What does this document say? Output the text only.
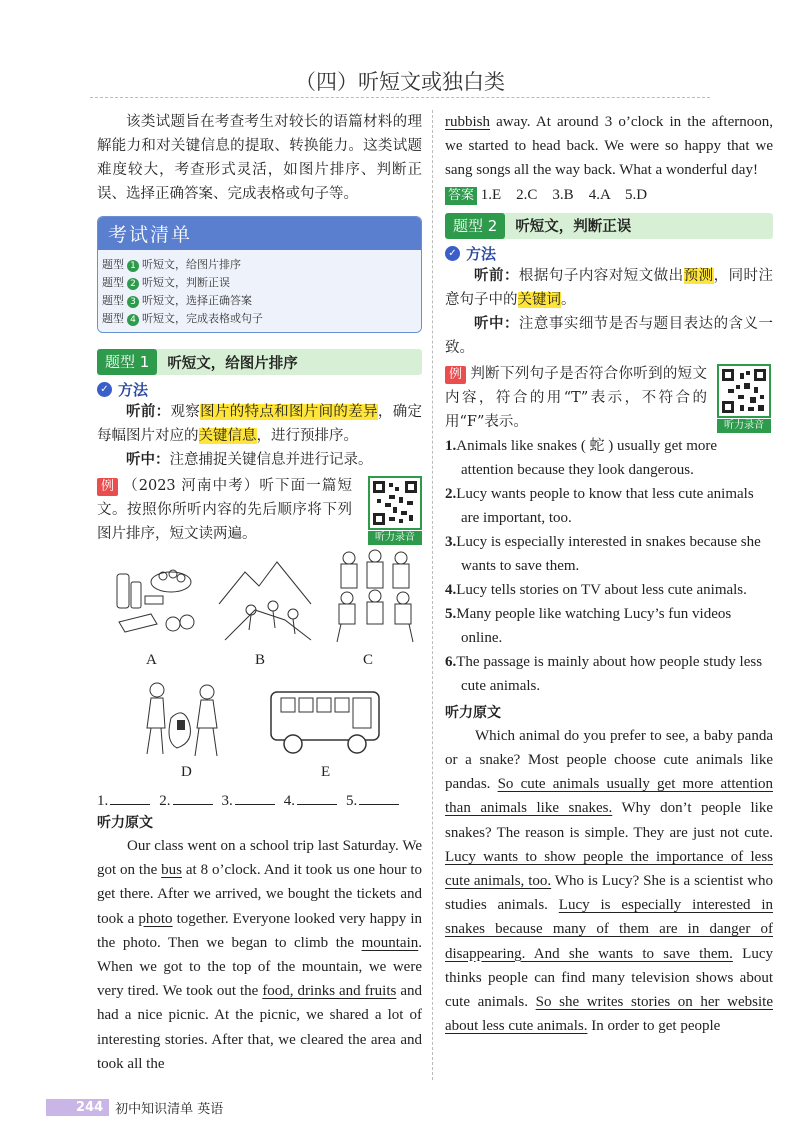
（四）听短文或独白类

该类试题旨在考查考生对较长的语篇材料的理解能力和对关键信息的提取、转换能力。这类试题难度较大，考查形式灵活，如图片排序、判断正误、选择正确答案、完成表格或句子等。

考试清单
题型 1 听短文，给图片排序
题型 2 听短文，判断正误
题型 3 听短文，选择正确答案
题型 4 听短文，完成表格或句子
题型 1	听短文，给图片排序
✓ 方法

听前：观察图片的特点和图片间的差异，确定每幅图片对应的关键信息，进行预排序。

听中：注意捕捉关键信息并进行记录。

例 （2023 河南中考）听下面一篇短文。按照你所听内容的先后顺序将下列图片排序，短文读两遍。	听力录音
A	B	C
D	E
1.	2.	3.	4.	5.
听力原文

Our class went on a school trip last Saturday. We got on the bus at 8 o’clock. And it took us one hour to get there. After we arrived, we bought the tickets and took a photo together. Everyone looked very happy in the photo. Then we began to climb the mountain. When we got to the top of the mountain, we were very tired. We took out the food, drinks and fruits and had a nice picnic. At the picnic, we shared a lot of interesting stories. After that, we cleared the area and took all the

rubbish away. At around 3 o’clock in the afternoon, we started to head back. We were so happy that we sang songs all the way back. What a wonderful day!

答案 1.E　2.C　3.B　4.A　5.D

题型 2	听短文，判断正误
✓ 方法

听前：根据句子内容对短文做出预测，同时注意句子中的关键词。

听中：注意事实细节是否与题目表达的含义一致。

例 判断下列句子是否符合你听到的短文内容，符合的用“T”表示，不符合的用“F”表示。	听力录音
1.Animals like snakes ( 蛇 ) usually get more attention because they look dangerous.
2.Lucy wants people to know that less cute animals are important, too.
3.Lucy is especially interested in snakes because she wants to save them.
4.Lucy tells stories on TV about less cute animals.
5.Many people like watching Lucy’s fun videos online.
6.The passage is mainly about how people study less cute animals.
听力原文

Which animal do you prefer to see, a baby panda or a snake? Most people choose cute animals like pandas. So cute animals usually get more attention than animals like snakes. Why don’t people like snakes? The reason is simple. They are just not cute. Lucy wants to show people the importance of less cute animals, too. Who is Lucy? She is a scientist who studies animals. Lucy is especially interested in snakes because many of them are in danger of disappearing. And she wants to save them. Lucy thinks people can find many television shows about cute animals. So she writes stories on her website about less cute animals. In order to get people

244 初中知识清单 英语
